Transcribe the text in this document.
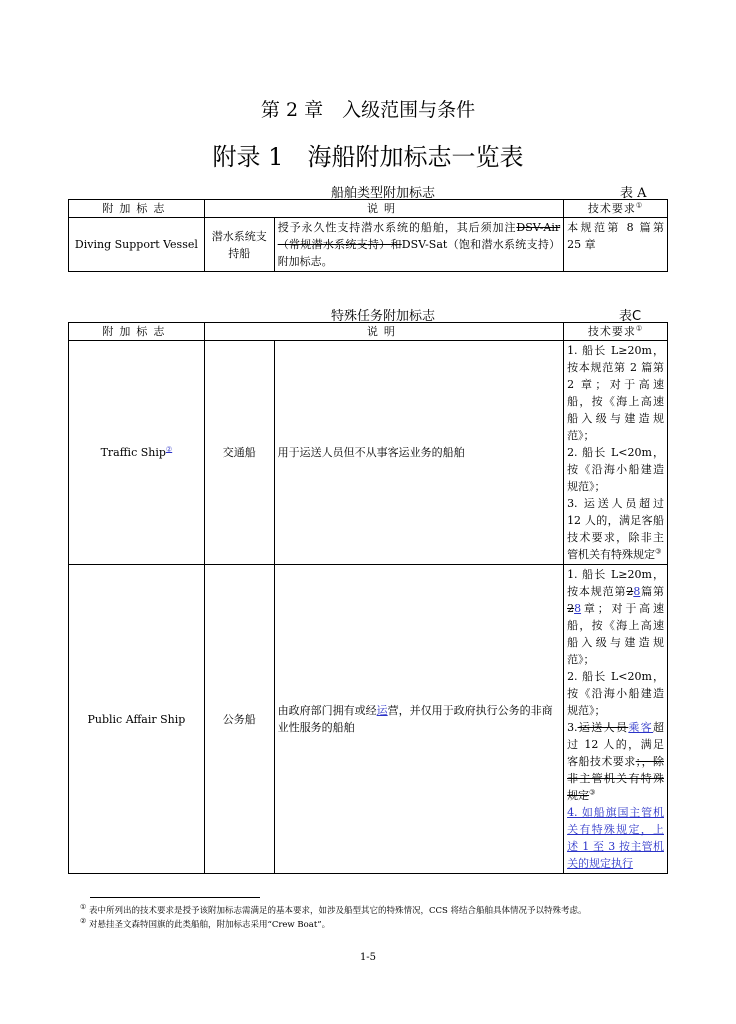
第 2 章　入级范围与条件
附录 1　海船附加标志一览表
船舶类型附加标志	表 A
附加标志	说明		技术要求①
Diving Support Vessel	潜水系统支持船	授予永久性支持潜水系统的船舶，其后须加注DSV-Air（常规潜水系统支持）和DSV-Sat（饱和潜水系统支持）附加标志。	本规范第 8 篇第 25 章
特殊任务附加标志	表C
附加标志	说明		技术要求①
Traffic Ship②	交通船	用于运送人员但不从事客运业务的船舶	1. 船长 L≥20m，按本规范第 2 篇第 2 章；对于高速船，按《海上高速船入级与建造规范》；
2. 船长 L<20m，按《沿海小船建造规范》；
3. 运送人员超过 12 人的，满足客船技术要求，除非主管机关有特殊规定③

Public Affair Ship	公务船	由政府部门拥有或经运营，并仅用于政府执行公务的非商业性服务的船舶	1. 船长 L≥20m，按本规范第28篇第28章；对于高速船，按《海上高速船入级与建造规范》；
2. 船长 L<20m，按《沿海小船建造规范》；
3.运送人员乘客超过 12 人的，满足客船技术要求；，除非主管机关有特殊规定③
4. 如船旗国主管机关有特殊规定，上述 1 至 3 按主管机关的规定执行
① 表中所列出的技术要求是授予该附加标志需满足的基本要求，如涉及船型其它的特殊情况，CCS 将结合船舶具体情况予以特殊考虑。
② 对悬挂圣文森特国旗的此类船舶，附加标志采用“Crew Boat”。
1-5
